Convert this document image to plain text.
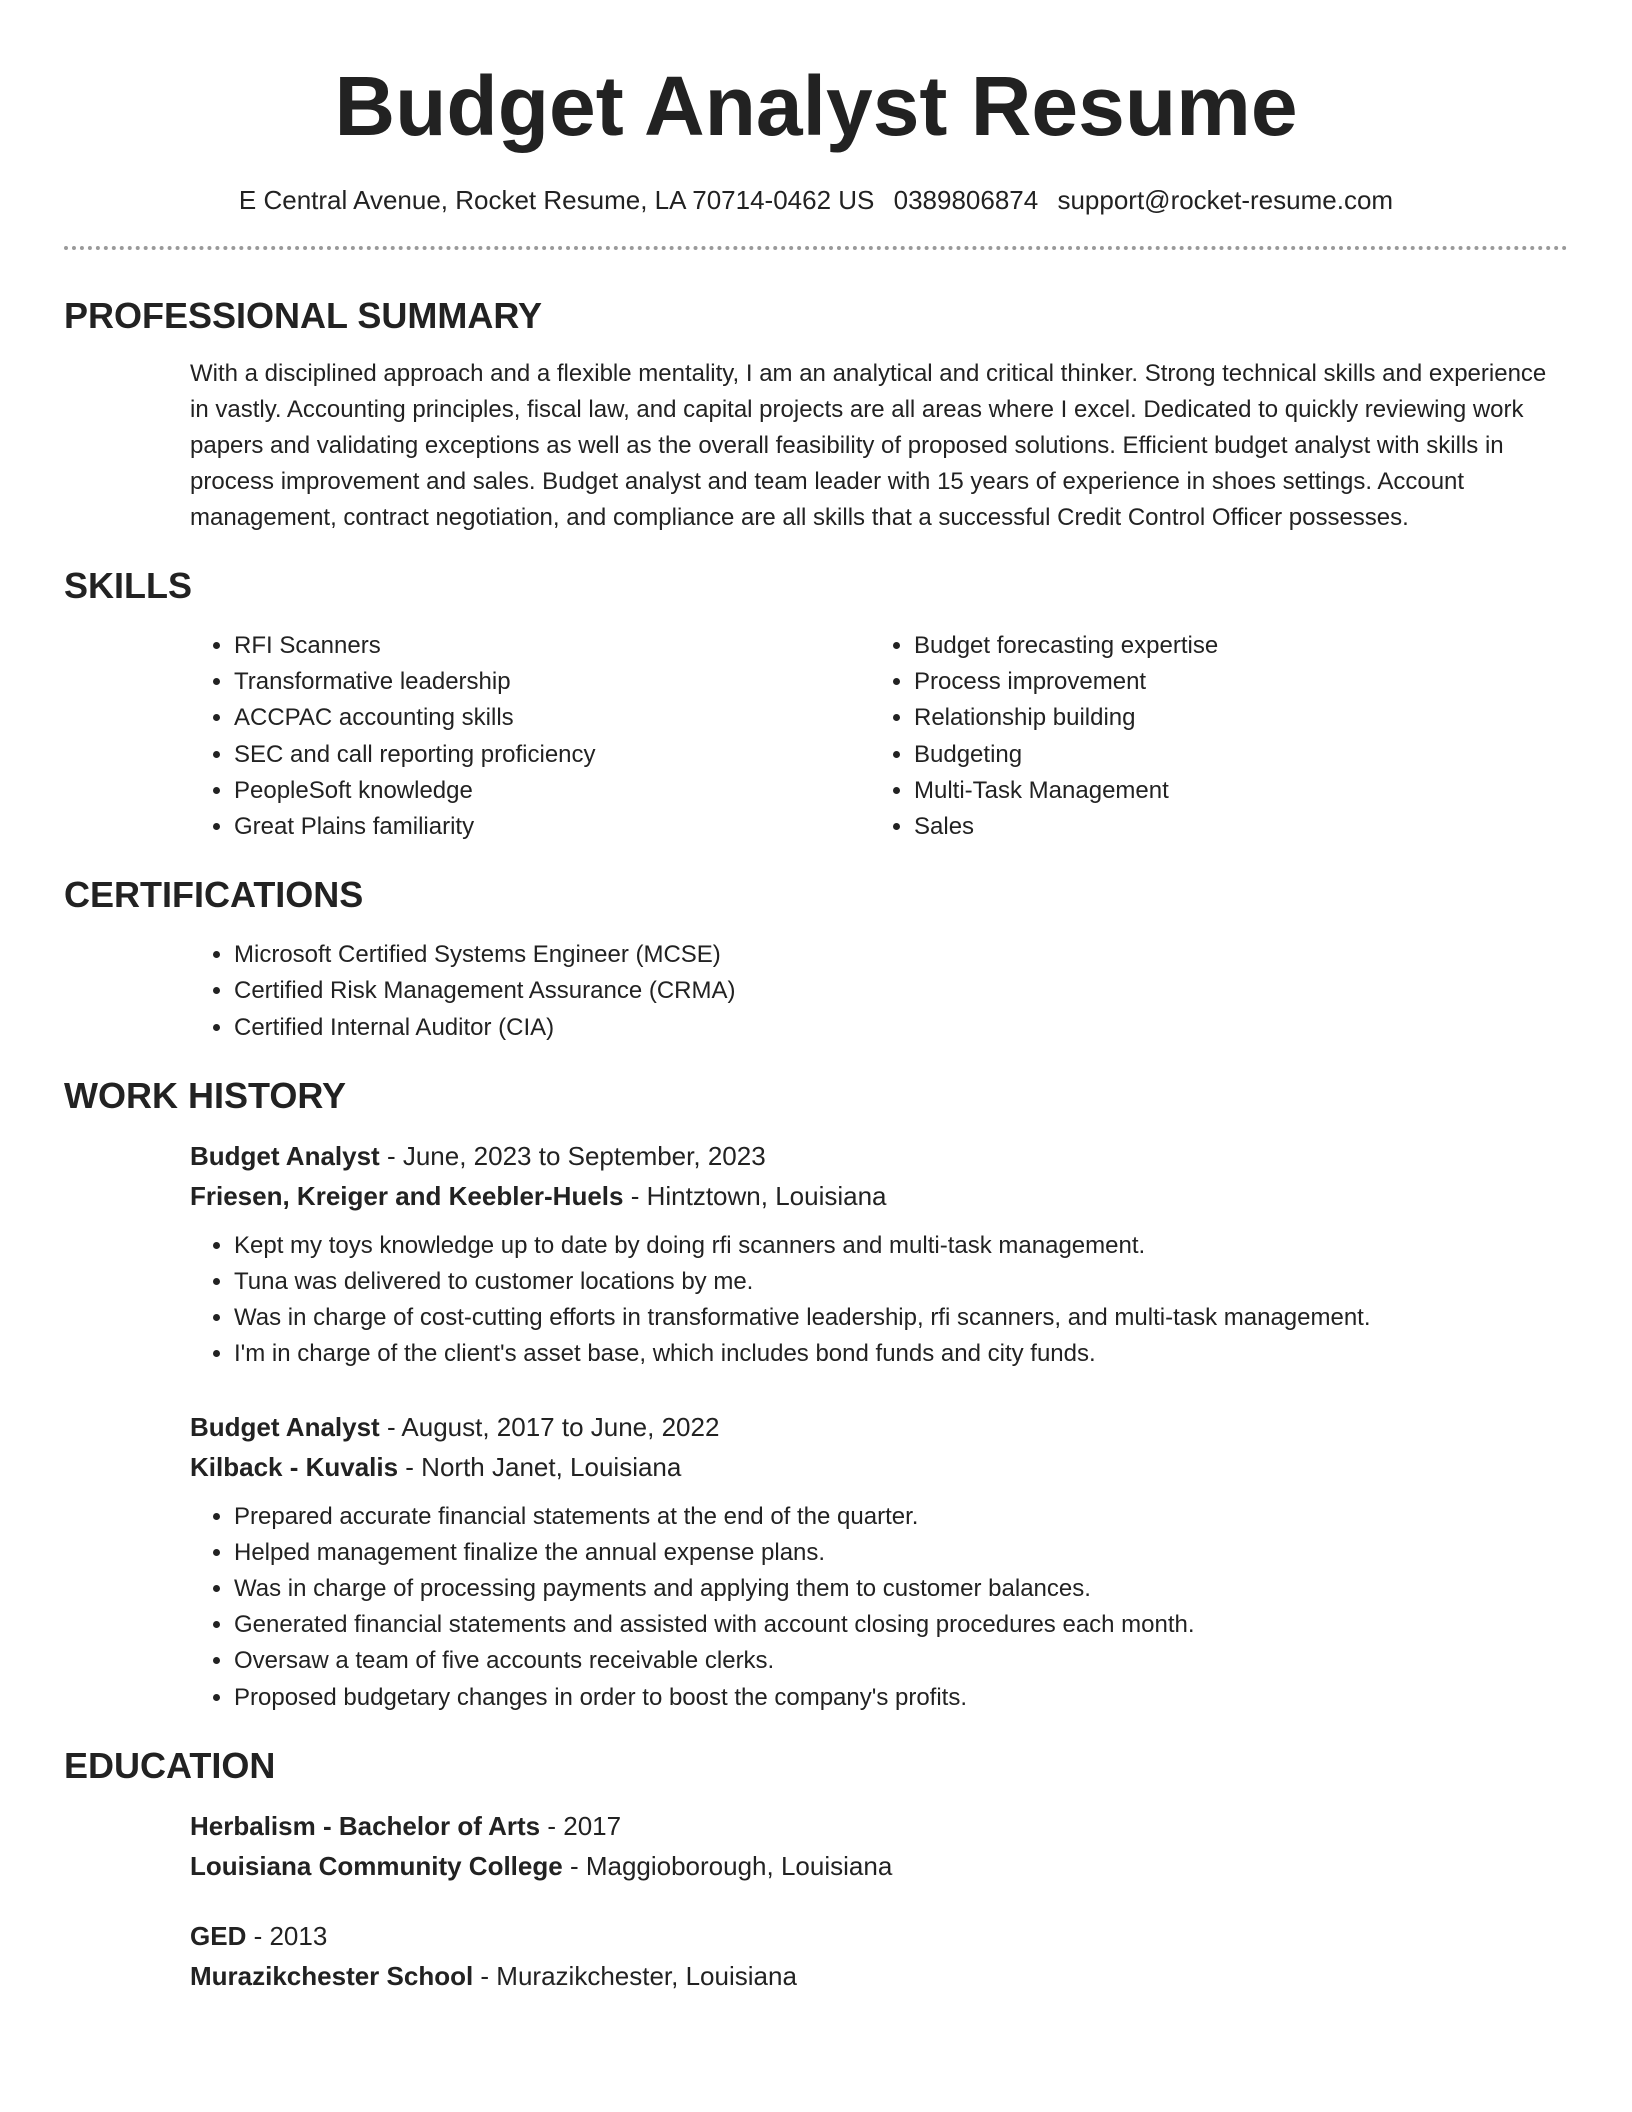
Budget Analyst Resume
E Central Avenue, Rocket Resume, LA 70714-0462 US 0389806874 support@rocket-resume.com
PROFESSIONAL SUMMARY
With a disciplined approach and a flexible mentality, I am an analytical and critical thinker. Strong technical skills and experience in vastly. Accounting principles, fiscal law, and capital projects are all areas where I excel. Dedicated to quickly reviewing work papers and validating exceptions as well as the overall feasibility of proposed solutions. Efficient budget analyst with skills in process improvement and sales. Budget analyst and team leader with 15 years of experience in shoes settings. Account management, contract negotiation, and compliance are all skills that a successful Credit Control Officer possesses.
SKILLS
• RFI Scanners
• Transformative leadership
• ACCPAC accounting skills
• SEC and call reporting proficiency
• PeopleSoft knowledge
• Great Plains familiarity
• Budget forecasting expertise
• Process improvement
• Relationship building
• Budgeting
• Multi-Task Management
• Sales
CERTIFICATIONS
• Microsoft Certified Systems Engineer (MCSE)
• Certified Risk Management Assurance (CRMA)
• Certified Internal Auditor (CIA)
WORK HISTORY
Budget Analyst - June, 2023 to September, 2023
Friesen, Kreiger and Keebler-Huels - Hintztown, Louisiana
• Kept my toys knowledge up to date by doing rfi scanners and multi-task management.
• Tuna was delivered to customer locations by me.
• Was in charge of cost-cutting efforts in transformative leadership, rfi scanners, and multi-task management.
• I'm in charge of the client's asset base, which includes bond funds and city funds.
Budget Analyst - August, 2017 to June, 2022
Kilback - Kuvalis - North Janet, Louisiana
• Prepared accurate financial statements at the end of the quarter.
• Helped management finalize the annual expense plans.
• Was in charge of processing payments and applying them to customer balances.
• Generated financial statements and assisted with account closing procedures each month.
• Oversaw a team of five accounts receivable clerks.
• Proposed budgetary changes in order to boost the company's profits.
EDUCATION
Herbalism - Bachelor of Arts - 2017
Louisiana Community College - Maggioborough, Louisiana
GED - 2013
Murazikchester School - Murazikchester, Louisiana
